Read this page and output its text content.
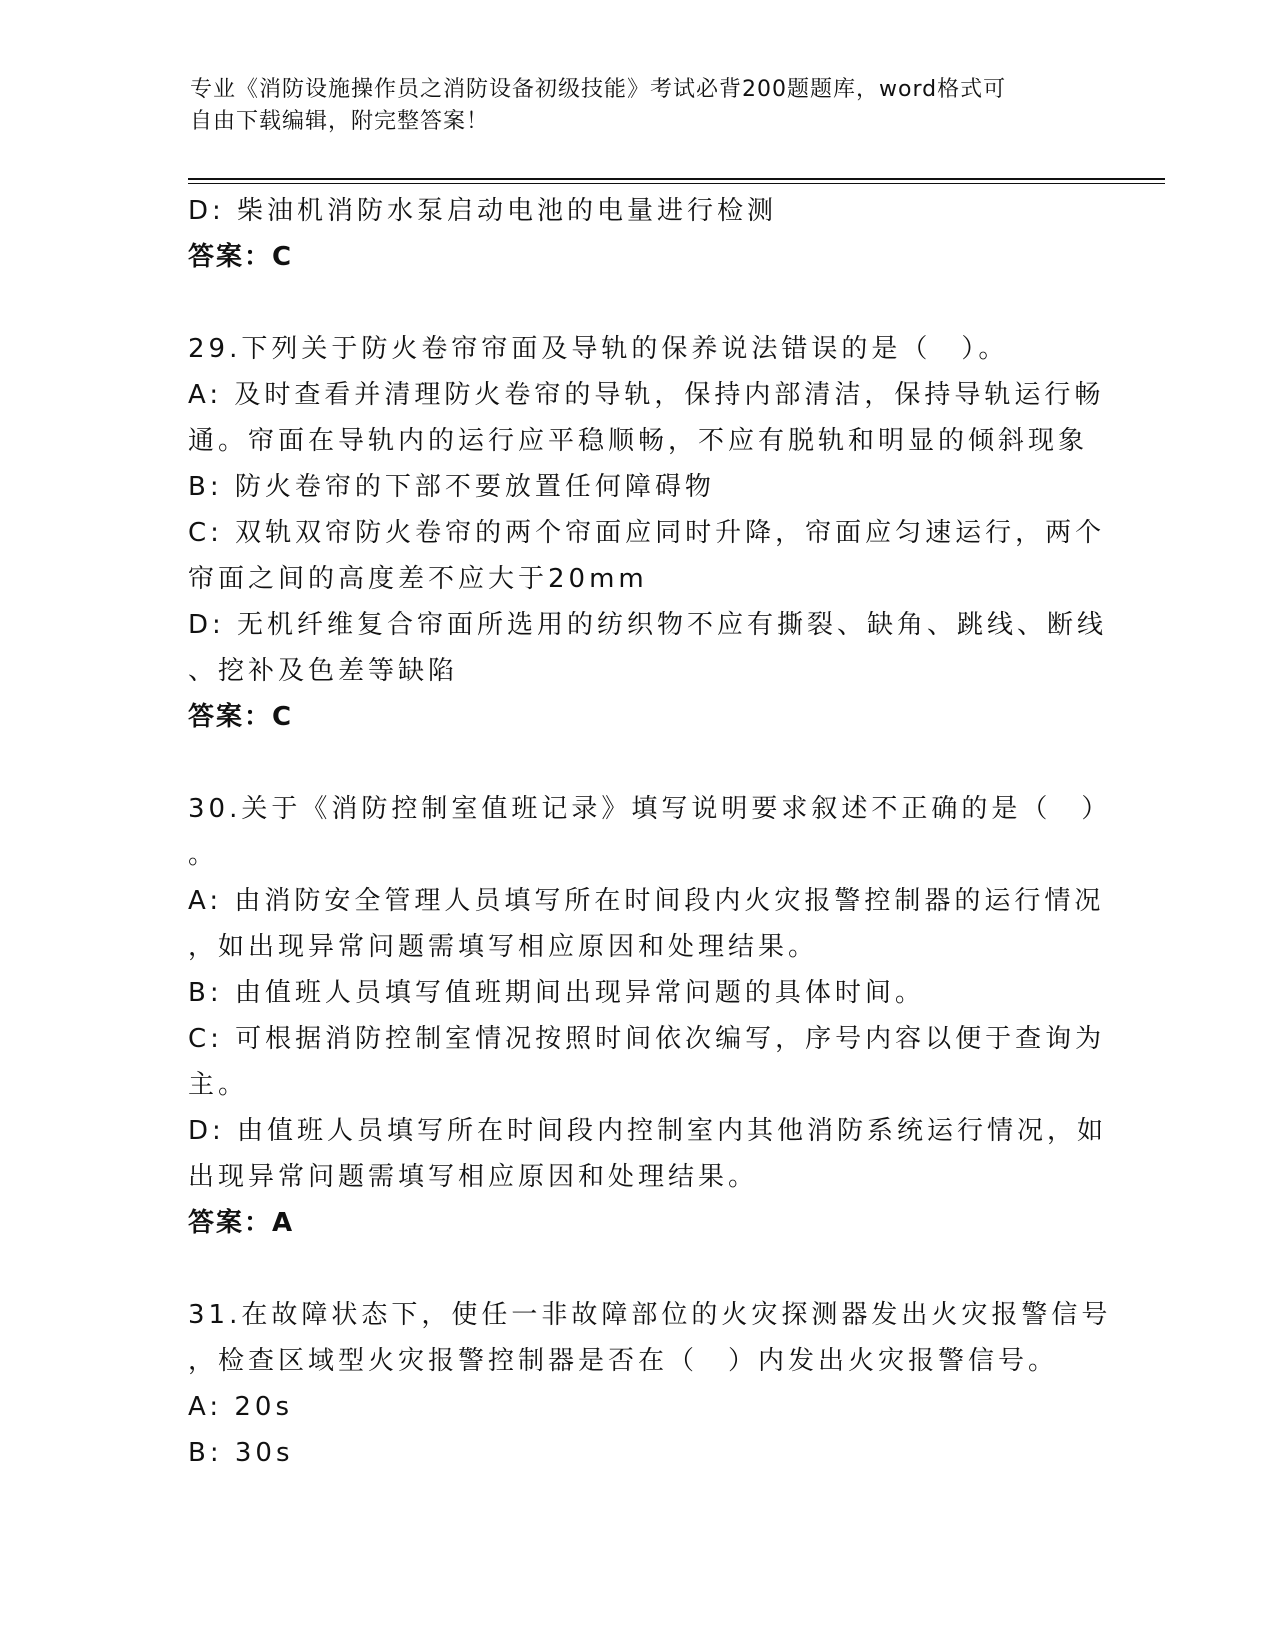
专业《消防设施操作员之消防设备初级技能》考试必背200题题库，word格式可
自由下载编辑，附完整答案！
D: 柴油机消防水泵启动电池的电量进行检测
答案：C
29.下列关于防火卷帘帘面及导轨的保养说法错误的是（　）。
A: 及时查看并清理防火卷帘的导轨，保持内部清洁，保持导轨运行畅
通。帘面在导轨内的运行应平稳顺畅，不应有脱轨和明显的倾斜现象
B: 防火卷帘的下部不要放置任何障碍物
C: 双轨双帘防火卷帘的两个帘面应同时升降，帘面应匀速运行，两个
帘面之间的高度差不应大于20mm
D: 无机纤维复合帘面所选用的纺织物不应有撕裂、缺角、跳线、断线
、挖补及色差等缺陷
答案：C
30.关于《消防控制室值班记录》填写说明要求叙述不正确的是（　）
。
A: 由消防安全管理人员填写所在时间段内火灾报警控制器的运行情况
，如出现异常问题需填写相应原因和处理结果。
B: 由值班人员填写值班期间出现异常问题的具体时间。
C: 可根据消防控制室情况按照时间依次编写，序号内容以便于查询为
主。
D: 由值班人员填写所在时间段内控制室内其他消防系统运行情况，如
出现异常问题需填写相应原因和处理结果。
答案：A
31.在故障状态下，使任一非故障部位的火灾探测器发出火灾报警信号
，检查区域型火灾报警控制器是否在（　）内发出火灾报警信号。
A: 20s
B: 30s
